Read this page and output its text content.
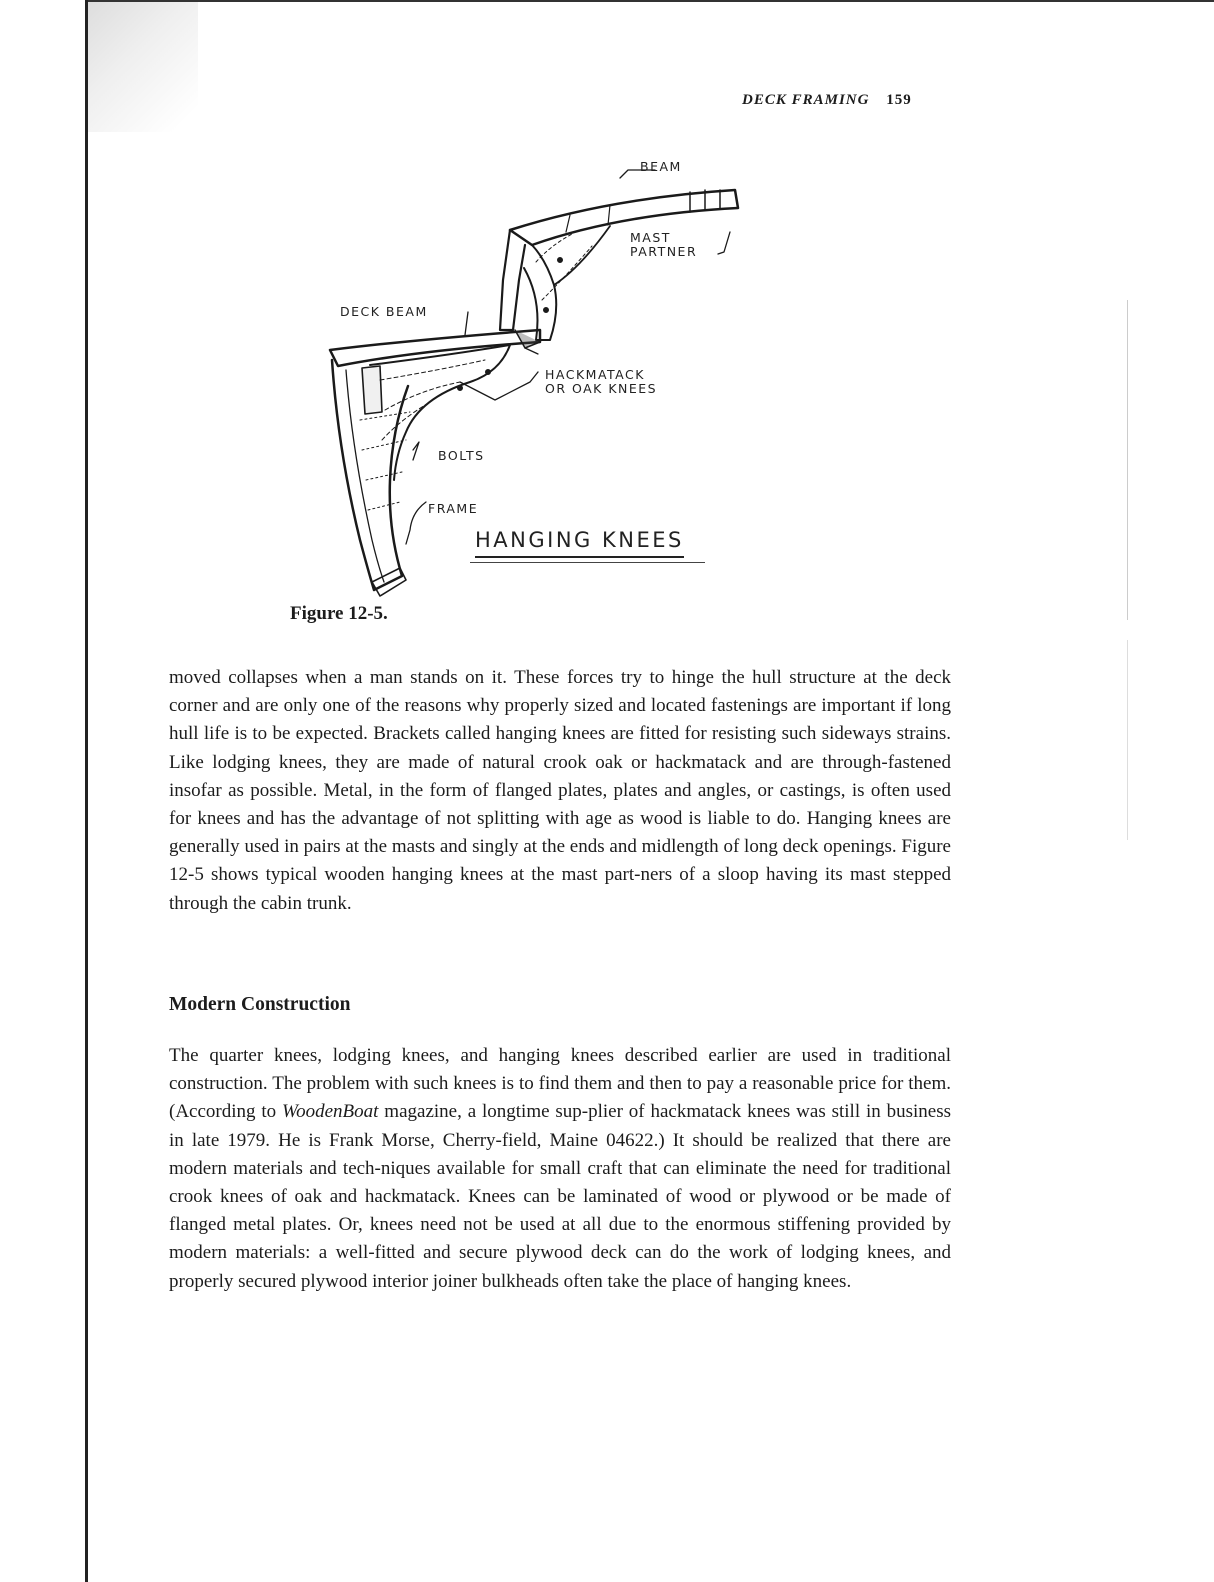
DECK FRAMING 159
BEAM
MAST
PARTNER
DECK BEAM
HACKMATACK
OR OAK KNEES
BOLTS
FRAME
HANGING KNEES
Figure 12-5.

moved collapses when a man stands on it. These forces try to hinge the hull structure at the deck corner and are only one of the reasons why properly sized and located fastenings are important if long hull life is to be expected. Brackets called hanging knees are fitted for resisting such sideways strains. Like lodging knees, they are made of natural crook oak or hackmatack and are through-fastened insofar as possible. Metal, in the form of flanged plates, plates and angles, or castings, is often used for knees and has the advantage of not splitting with age as wood is liable to do. Hanging knees are generally used in pairs at the masts and singly at the ends and midlength of long deck openings. Figure 12-5 shows typical wooden hanging knees at the mast part-ners of a sloop having its mast stepped through the cabin trunk.

Modern Construction

The quarter knees, lodging knees, and hanging knees described earlier are used in traditional construction. The problem with such knees is to find them and then to pay a reasonable price for them. (According to WoodenBoat magazine, a longtime sup-plier of hackmatack knees was still in business in late 1979. He is Frank Morse, Cherry-field, Maine 04622.) It should be realized that there are modern materials and tech-niques available for small craft that can eliminate the need for traditional crook knees of oak and hackmatack. Knees can be laminated of wood or plywood or be made of flanged metal plates. Or, knees need not be used at all due to the enormous stiffening provided by modern materials: a well-fitted and secure plywood deck can do the work of lodging knees, and properly secured plywood interior joiner bulkheads often take the place of hanging knees.
